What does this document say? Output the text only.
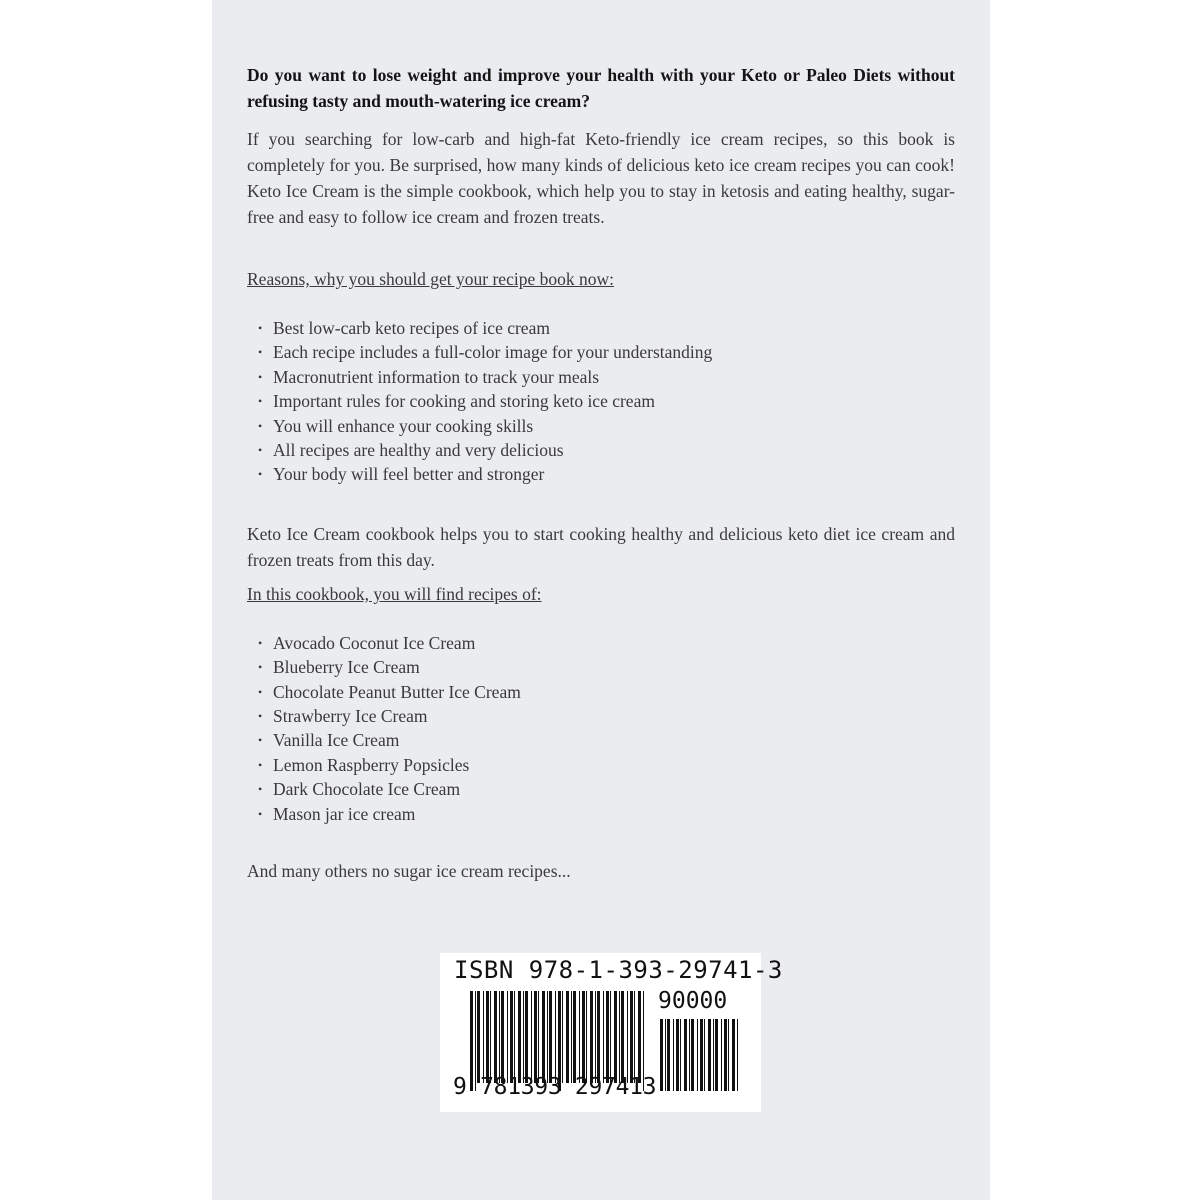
Do you want to lose weight and improve your health with your Keto or Paleo Diets without refusing tasty and mouth-watering ice cream?

If you searching for low-carb and high-fat Keto-friendly ice cream recipes, so this book is completely for you. Be surprised, how many kinds of delicious keto ice cream recipes you can cook! Keto Ice Cream is the simple cookbook, which help you to stay in ketosis and eating healthy, sugar-free and easy to follow ice cream and frozen treats.

Reasons, why you should get your recipe book now:

• Best low-carb keto recipes of ice cream
• Each recipe includes a full-color image for your understanding
• Macronutrient information to track your meals
• Important rules for cooking and storing keto ice cream
• You will enhance your cooking skills
• All recipes are healthy and very delicious
• Your body will feel better and stronger

Keto Ice Cream cookbook helps you to start cooking healthy and delicious keto diet ice cream and frozen treats from this day.

In this cookbook, you will find recipes of:

• Avocado Coconut Ice Cream
• Blueberry Ice Cream
• Chocolate Peanut Butter Ice Cream
• Strawberry Ice Cream
• Vanilla Ice Cream
• Lemon Raspberry Popsicles
• Dark Chocolate Ice Cream
• Mason jar ice cream

And many others no sugar ice cream recipes...

ISBN 978-1-393-29741-3
90000
9 781393 297413
